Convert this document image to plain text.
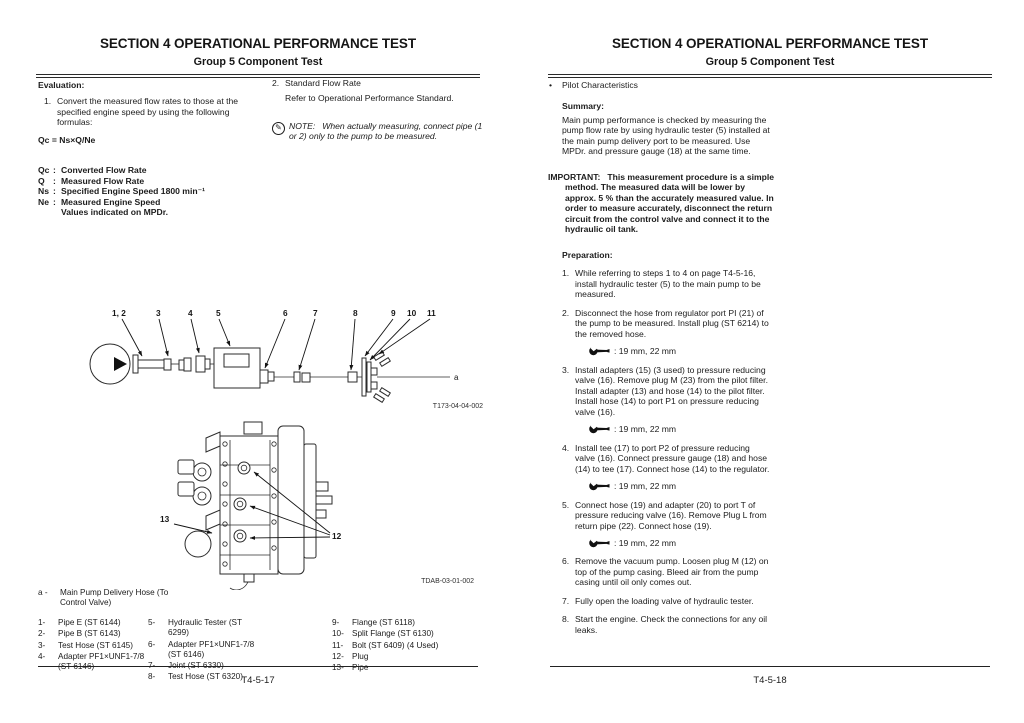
SECTION 4 OPERATIONAL PERFORMANCE TEST
Group 5 Component Test
Evaluation:
1. Convert the measured flow rates to those at the specified engine speed by using the following formulas:
Qc = Ns×Q/Ne
Qc : Converted Flow Rate
Q : Measured Flow Rate
Ns : Specified Engine Speed 1800 min⁻¹
Ne : Measured Engine Speed
Values indicated on MPDr.
2. Standard Flow Rate
Refer to Operational Performance Standard.
✎ NOTE: When actually measuring, connect pipe (1 or 2) only to the pump to be measured.
a
1, 2	3	4	5	6	7	8	9 10 11
T173-04-04-002
13
12
TDAB-03-01-002
a -	Main Pump Delivery Hose (To Control Valve)
1-	Pipe E (ST 6144)
2-	Pipe B (ST 6143)
3-	Test Hose (ST 6145)
4-	Adapter PF1×UNF1-7/8 (ST 6146)
5-	Hydraulic Tester (ST 6299)
6-	Adapter PF1×UNF1-7/8 (ST 6146)
7-	Joint (ST 6330)
8-	Test Hose (ST 6320)
9-	Flange (ST 6118)
10- Split Flange (ST 6130)
11-	Bolt (ST 6409) (4 Used)
12- Plug
13- Pipe
T4-5-17
SECTION 4 OPERATIONAL PERFORMANCE TEST
Group 5 Component Test
•	Pilot Characteristics
Summary:
Main pump performance is checked by measuring the pump flow rate by using hydraulic tester (5) installed at the main pump delivery port to be measured. Use MPDr. and pressure gauge (18) at the same time.
IMPORTANT: This measurement procedure is a simple method. The measured data will be lower by approx. 5 % than the accurately measured value. In order to measure accurately, disconnect the return circuit from the control valve and connect it to the hydraulic oil tank.
Preparation:
1. While referring to steps 1 to 4 on page T4-5-16, install hydraulic tester (5) to the main pump to be measured.
2. Disconnect the hose from regulator port PI (21) of the pump to be measured. Install plug (ST 6214) to the removed hose.
: 19 mm, 22 mm
3. Install adapters (15) (3 used) to pressure reducing valve (16). Remove plug M (23) from the pilot filter. Install adapter (13) and hose (14) to the pilot filter. Install hose (14) to port P1 on pressure reducing valve (16).
: 19 mm, 22 mm
4. Install tee (17) to port P2 of pressure reducing valve (16). Connect pressure gauge (18) and hose (14) to tee (17). Connect hose (14) to the regulator.
: 19 mm, 22 mm
5. Connect hose (19) and adapter (20) to port T of pressure reducing valve (16). Remove Plug L from return pipe (22). Connect hose (19).
: 19 mm, 22 mm
6. Remove the vacuum pump. Loosen plug M (12) on top of the pump casing. Bleed air from the pump casing until oil only comes out.
7. Fully open the loading valve of hydraulic tester.
8. Start the engine. Check the connections for any oil leaks.
T4-5-18
